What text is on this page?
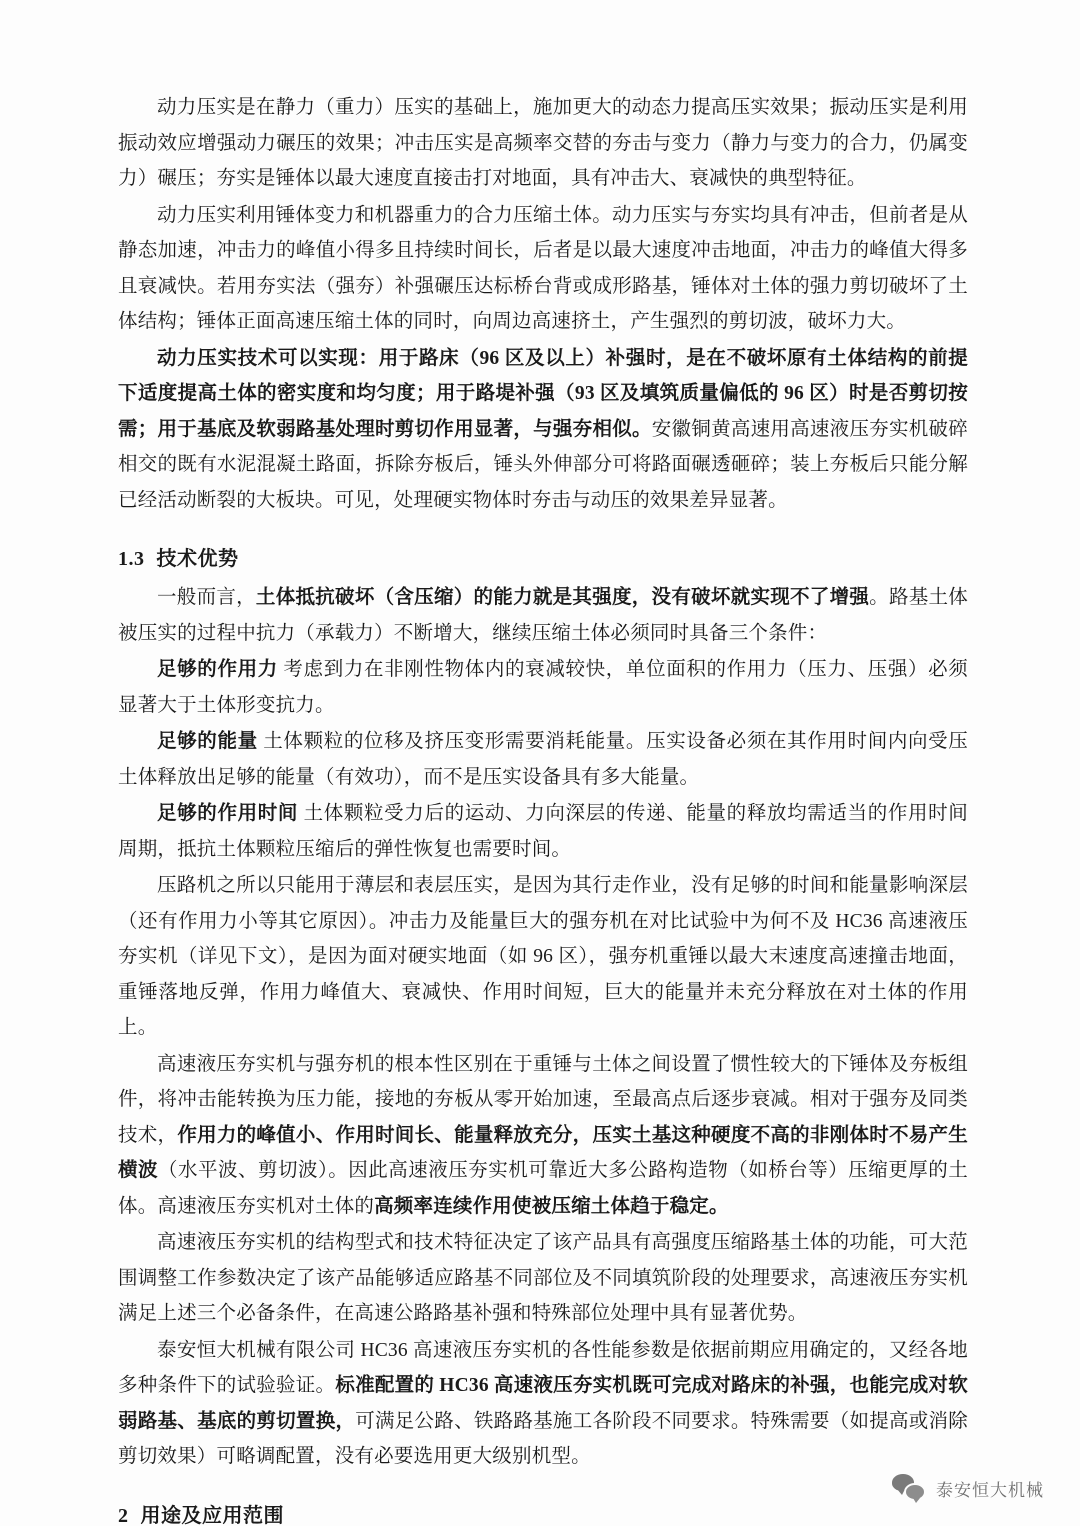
动力压实是在静力（重力）压实的基础上，施加更大的动态力提高压实效果；振动压实是利用振动效应增强动力碾压的效果；冲击压实是高频率交替的夯击与变力（静力与变力的合力，仍属变力）碾压；夯实是锤体以最大速度直接击打对地面，具有冲击大、衰减快的典型特征。

动力压实利用锤体变力和机器重力的合力压缩土体。动力压实与夯实均具有冲击，但前者是从静态加速，冲击力的峰值小得多且持续时间长，后者是以最大速度冲击地面，冲击力的峰值大得多且衰减快。若用夯实法（强夯）补强碾压达标桥台背或成形路基，锤体对土体的强力剪切破坏了土体结构；锤体正面高速压缩土体的同时，向周边高速挤土，产生强烈的剪切波，破坏力大。

动力压实技术可以实现：用于路床（96 区及以上）补强时，是在不破坏原有土体结构的前提下适度提高土体的密实度和均匀度；用于路堤补强（93 区及填筑质量偏低的 96 区）时是否剪切按需；用于基底及软弱路基处理时剪切作用显著，与强夯相似。安徽铜黄高速用高速液压夯实机破碎相交的既有水泥混凝土路面，拆除夯板后，锤头外伸部分可将路面碾透砸碎；装上夯板后只能分解已经活动断裂的大板块。可见，处理硬实物体时夯击与动压的效果差异显著。

1.3 技术优势

一般而言，土体抵抗破坏（含压缩）的能力就是其强度，没有破坏就实现不了增强。路基土体被压实的过程中抗力（承载力）不断增大，继续压缩土体必须同时具备三个条件：

足够的作用力 考虑到力在非刚性物体内的衰减较快，单位面积的作用力（压力、压强）必须显著大于土体形变抗力。

足够的能量 土体颗粒的位移及挤压变形需要消耗能量。压实设备必须在其作用时间内向受压土体释放出足够的能量（有效功），而不是压实设备具有多大能量。

足够的作用时间 土体颗粒受力后的运动、力向深层的传递、能量的释放均需适当的作用时间周期，抵抗土体颗粒压缩后的弹性恢复也需要时间。

压路机之所以只能用于薄层和表层压实，是因为其行走作业，没有足够的时间和能量影响深层（还有作用力小等其它原因）。冲击力及能量巨大的强夯机在对比试验中为何不及 HC36 高速液压夯实机（详见下文），是因为面对硬实地面（如 96 区），强夯机重锤以最大末速度高速撞击地面，重锤落地反弹，作用力峰值大、衰减快、作用时间短，巨大的能量并未充分释放在对土体的作用上。

高速液压夯实机与强夯机的根本性区别在于重锤与土体之间设置了惯性较大的下锤体及夯板组件，将冲击能转换为压力能，接地的夯板从零开始加速，至最高点后逐步衰减。相对于强夯及同类技术，作用力的峰值小、作用时间长、能量释放充分，压实土基这种硬度不高的非刚体时不易产生横波（水平波、剪切波）。因此高速液压夯实机可靠近大多公路构造物（如桥台等）压缩更厚的土体。高速液压夯实机对土体的高频率连续作用使被压缩土体趋于稳定。

高速液压夯实机的结构型式和技术特征决定了该产品具有高强度压缩路基土体的功能，可大范围调整工作参数决定了该产品能够适应路基不同部位及不同填筑阶段的处理要求，高速液压夯实机满足上述三个必备条件，在高速公路路基补强和特殊部位处理中具有显著优势。

泰安恒大机械有限公司 HC36 高速液压夯实机的各性能参数是依据前期应用确定的，又经各地多种条件下的试验验证。标准配置的 HC36 高速液压夯实机既可完成对路床的补强，也能完成对软弱路基、基底的剪切置换，可满足公路、铁路路基施工各阶段不同要求。特殊需要（如提高或消除剪切效果）可略调配置，没有必要选用更大级别机型。

2 用途及应用范围
泰安恒大机械
